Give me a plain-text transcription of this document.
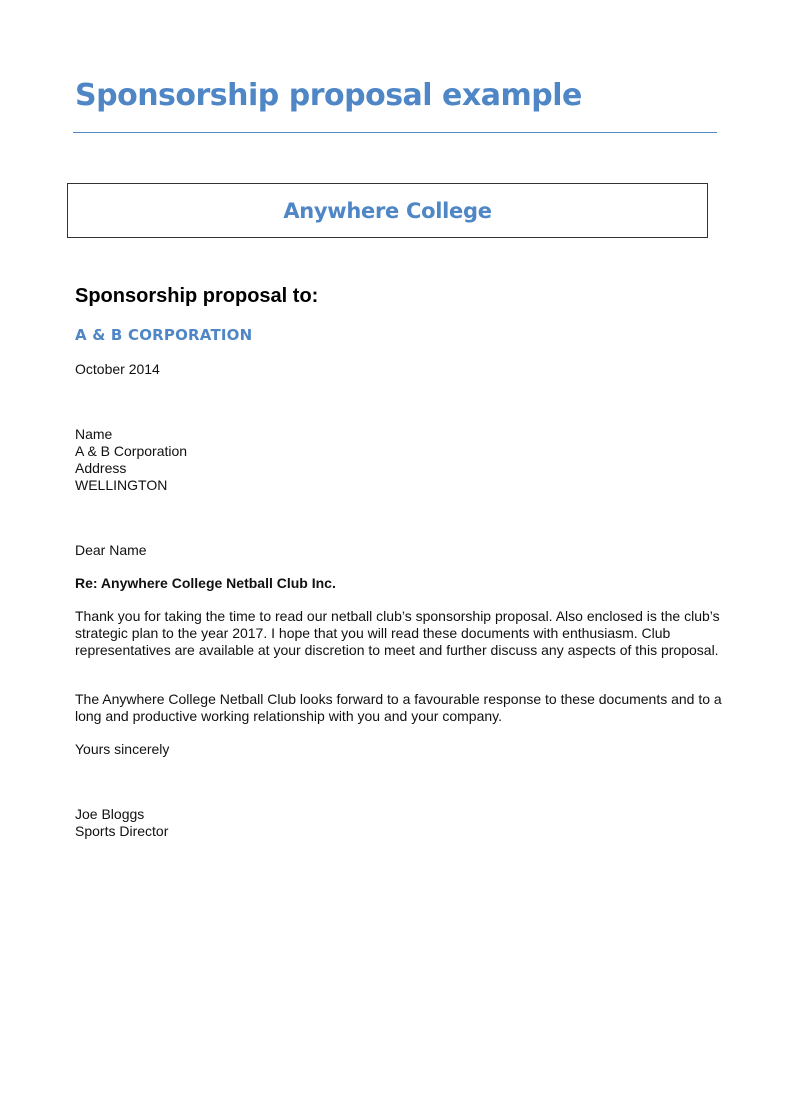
Sponsorship proposal example
Anywhere College
Sponsorship proposal to:
A & B CORPORATION
October 2014
Name
A & B Corporation
Address
WELLINGTON
Dear Name
Re: Anywhere College Netball Club Inc.
Thank you for taking the time to read our netball club’s sponsorship proposal. Also enclosed is the club’s strategic plan to the year 2017. I hope that you will read these documents with enthusiasm. Club representatives are available at your discretion to meet and further discuss any aspects of this proposal.
The Anywhere College Netball Club looks forward to a favourable response to these documents and to a long and productive working relationship with you and your company.
Yours sincerely
Joe Bloggs
Sports Director
